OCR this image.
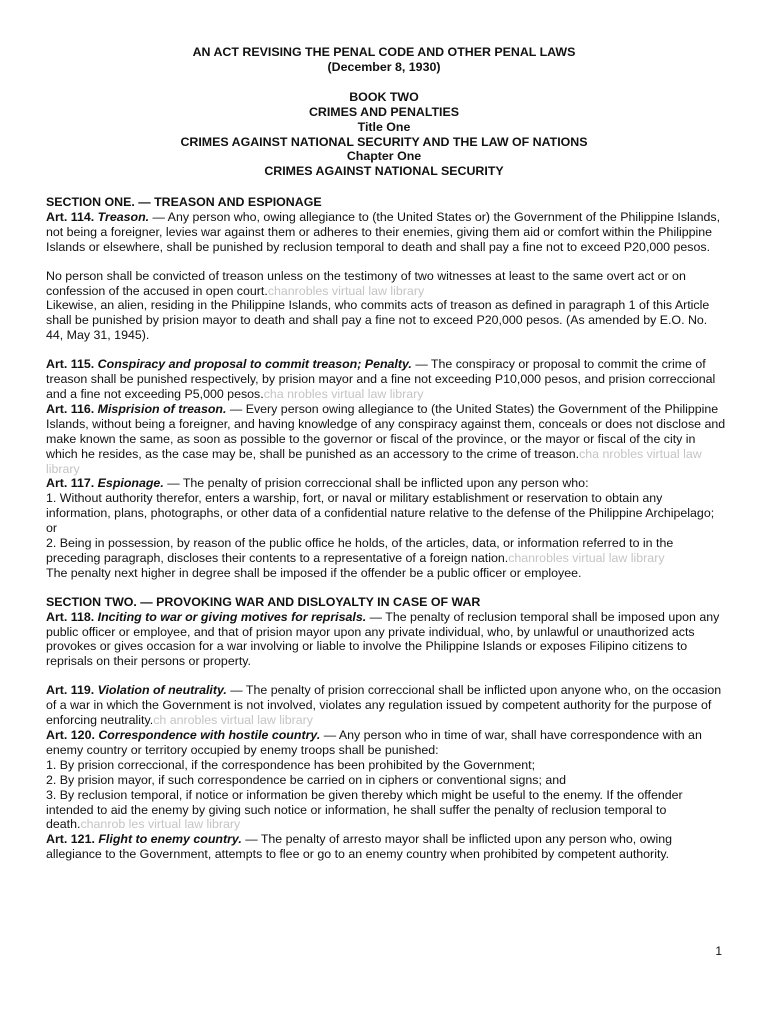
AN ACT REVISING THE PENAL CODE AND OTHER PENAL LAWS
(December 8, 1930)
BOOK TWO
CRIMES AND PENALTIES
Title One
CRIMES AGAINST NATIONAL SECURITY AND THE LAW OF NATIONS
Chapter One
CRIMES AGAINST NATIONAL SECURITY

SECTION ONE. — TREASON AND ESPIONAGE

Art. 114. Treason. — Any person who, owing allegiance to (the United States or) the Government of the Philippine Islands, not being a foreigner, levies war against them or adheres to their enemies, giving them aid or comfort within the Philippine Islands or elsewhere, shall be punished by reclusion temporal to death and shall pay a fine not to exceed P20,000 pesos.

No person shall be convicted of treason unless on the testimony of two witnesses at least to the same overt act or on confession of the accused in open court.chanrobles virtual law library

Likewise, an alien, residing in the Philippine Islands, who commits acts of treason as defined in paragraph 1 of this Article shall be punished by prision mayor to death and shall pay a fine not to exceed P20,000 pesos. (As amended by E.O. No. 44, May 31, 1945).

Art. 115. Conspiracy and proposal to commit treason; Penalty. — The conspiracy or proposal to commit the crime of treason shall be punished respectively, by prision mayor and a fine not exceeding P10,000 pesos, and prision correccional and a fine not exceeding P5,000 pesos.cha nrobles virtual law library

Art. 116. Misprision of treason. — Every person owing allegiance to (the United States) the Government of the Philippine Islands, without being a foreigner, and having knowledge of any conspiracy against them, conceals or does not disclose and make known the same, as soon as possible to the governor or fiscal of the province, or the mayor or fiscal of the city in which he resides, as the case may be, shall be punished as an accessory to the crime of treason.cha nrobles virtual law library

Art. 117. Espionage. — The penalty of prision correccional shall be inflicted upon any person who:

1. Without authority therefor, enters a warship, fort, or naval or military establishment or reservation to obtain any information, plans, photographs, or other data of a confidential nature relative to the defense of the Philippine Archipelago; or

2. Being in possession, by reason of the public office he holds, of the articles, data, or information referred to in the preceding paragraph, discloses their contents to a representative of a foreign nation.chanrobles virtual law library

The penalty next higher in degree shall be imposed if the offender be a public officer or employee.

SECTION TWO. — PROVOKING WAR AND DISLOYALTY IN CASE OF WAR

Art. 118. Inciting to war or giving motives for reprisals. — The penalty of reclusion temporal shall be imposed upon any public officer or employee, and that of prision mayor upon any private individual, who, by unlawful or unauthorized acts provokes or gives occasion for a war involving or liable to involve the Philippine Islands or exposes Filipino citizens to reprisals on their persons or property.

Art. 119. Violation of neutrality. — The penalty of prision correccional shall be inflicted upon anyone who, on the occasion of a war in which the Government is not involved, violates any regulation issued by competent authority for the purpose of enforcing neutrality.ch anrobles virtual law library

Art. 120. Correspondence with hostile country. — Any person who in time of war, shall have correspondence with an enemy country or territory occupied by enemy troops shall be punished:

1. By prision correccional, if the correspondence has been prohibited by the Government;

2. By prision mayor, if such correspondence be carried on in ciphers or conventional signs; and

3. By reclusion temporal, if notice or information be given thereby which might be useful to the enemy. If the offender intended to aid the enemy by giving such notice or information, he shall suffer the penalty of reclusion temporal to death.chanrob les virtual law library

Art. 121. Flight to enemy country. — The penalty of arresto mayor shall be inflicted upon any person who, owing allegiance to the Government, attempts to flee or go to an enemy country when prohibited by competent authority.

1
